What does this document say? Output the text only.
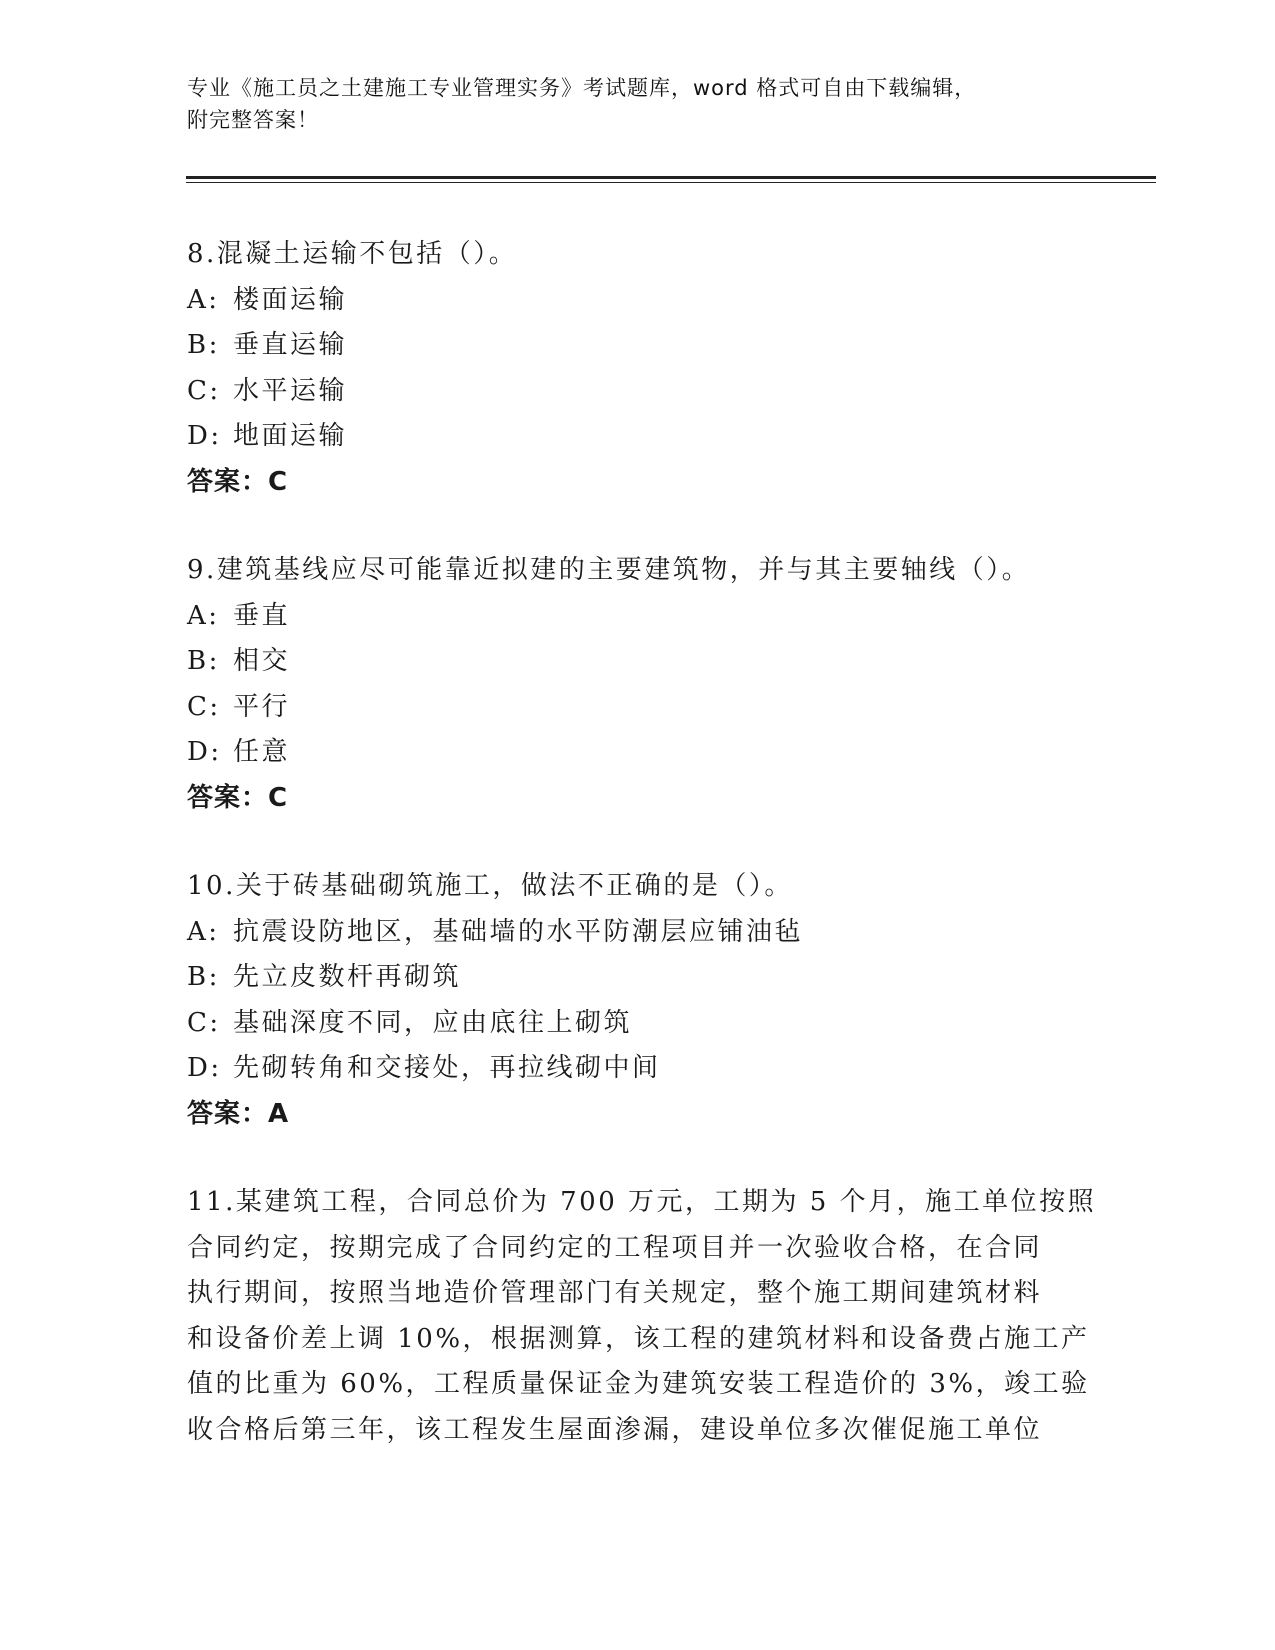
专业《施工员之土建施工专业管理实务》考试题库，word 格式可自由下载编辑，
附完整答案！
8.混凝土运输不包括（）。
A: 楼面运输
B: 垂直运输
C: 水平运输
D: 地面运输
答案：C
9.建筑基线应尽可能靠近拟建的主要建筑物，并与其主要轴线（）。
A: 垂直
B: 相交
C: 平行
D: 任意
答案：C
10.关于砖基础砌筑施工，做法不正确的是（）。
A: 抗震设防地区，基础墙的水平防潮层应铺油毡
B: 先立皮数杆再砌筑
C: 基础深度不同，应由底往上砌筑
D: 先砌转角和交接处，再拉线砌中间
答案：A
11.某建筑工程，合同总价为 700 万元，工期为 5 个月，施工单位按照
合同约定，按期完成了合同约定的工程项目并一次验收合格，在合同
执行期间，按照当地造价管理部门有关规定，整个施工期间建筑材料
和设备价差上调 10%，根据测算，该工程的建筑材料和设备费占施工产
值的比重为 60%，工程质量保证金为建筑安装工程造价的 3%，竣工验
收合格后第三年，该工程发生屋面渗漏，建设单位多次催促施工单位
